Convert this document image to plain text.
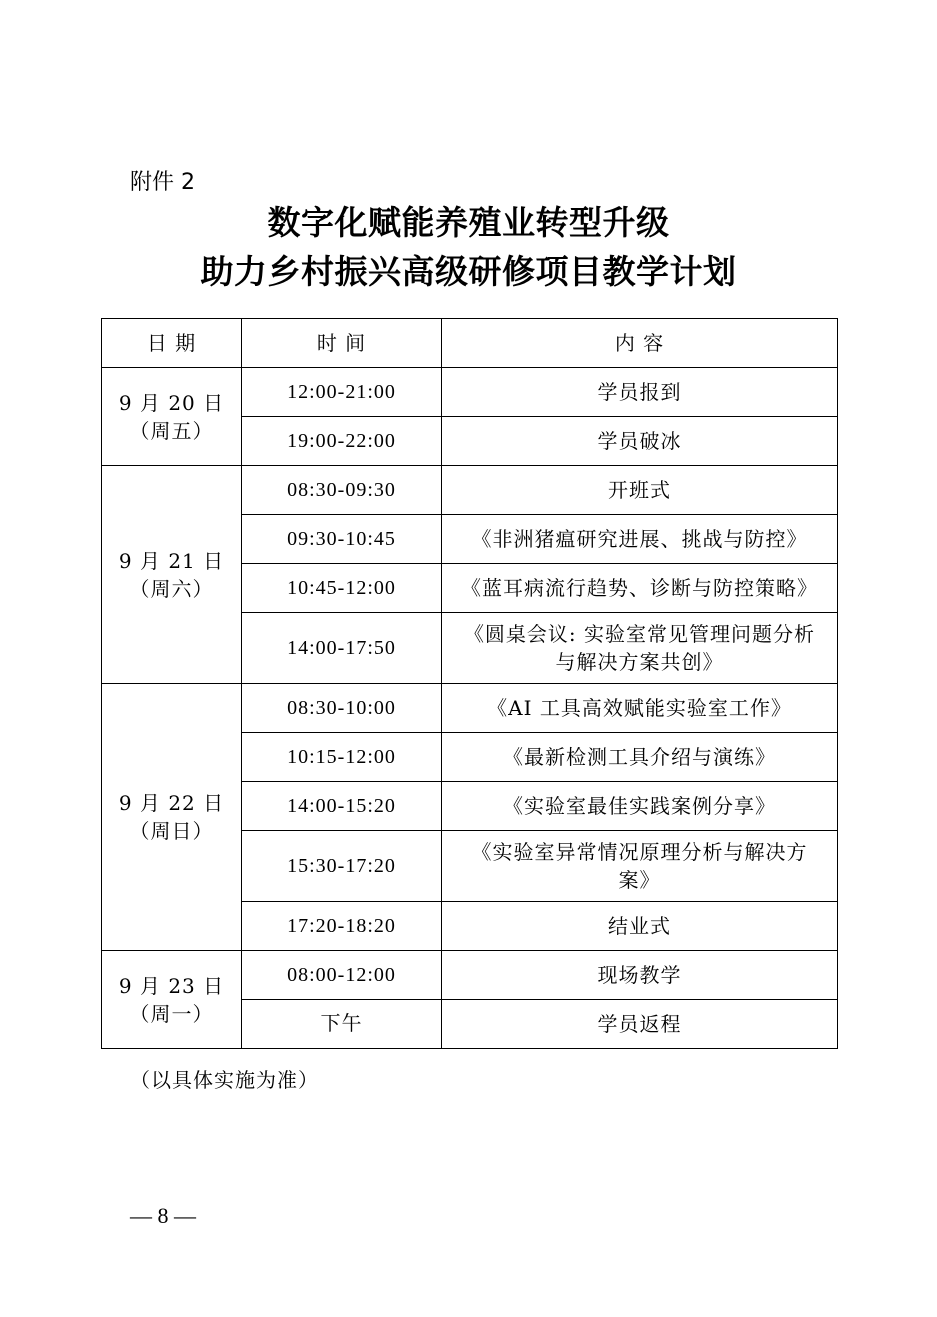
附件 2
数字化赋能养殖业转型升级
助力乡村振兴高级研修项目教学计划
日 期	时 间	内 容

9 月 20 日
（周五）	12:00-21:00	学员报到
	19:00-22:00	学员破冰

9 月 21 日
（周六）	08:30-09:30	开班式
	09:30-10:45	《非洲猪瘟研究进展、挑战与防控》
	10:45-12:00	《蓝耳病流行趋势、诊断与防控策略》
	14:00-17:50	《圆桌会议: 实验室常见管理问题分析与解决方案共创》

9 月 22 日
（周日）	08:30-10:00	《AI 工具高效赋能实验室工作》
	10:15-12:00	《最新检测工具介绍与演练》
	14:00-15:20	《实验室最佳实践案例分享》
	15:30-17:20	《实验室异常情况原理分析与解决方案》
	17:20-18:20	结业式

9 月 23 日
（周一）	08:00-12:00	现场教学
	下午	学员返程
（以具体实施为准）
— 8 —
